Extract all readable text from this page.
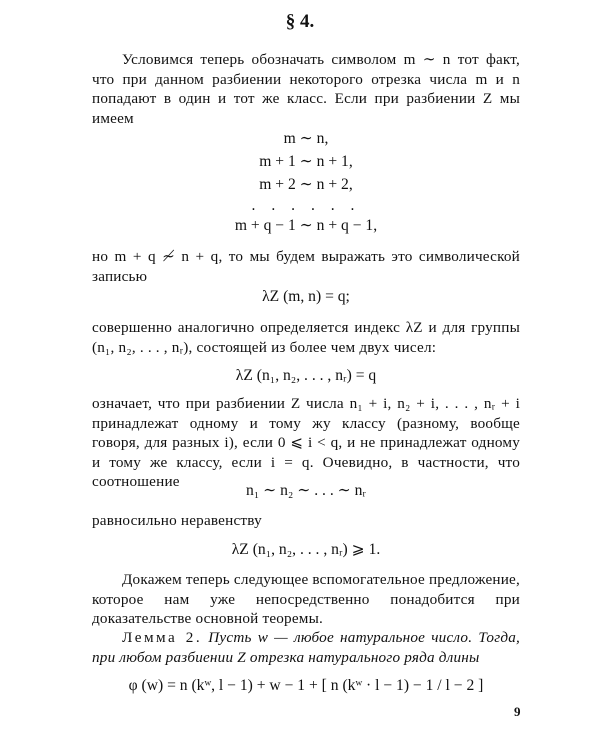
§ 4.

Условимся теперь обозначать символом m ∼ n тот факт, что при данном разбиении некоторого отрезка числа m и n попадают в один и тот же класс. Если при разбиении Z мы имеем

m ∼ n,
m + 1 ∼ n + 1,
m + 2 ∼ n + 2,
. . . . . .
m + q − 1 ∼ n + q − 1,

но m + q ≁ n + q, то мы будем выражать это символической записью

λZ (m, n) = q;

совершенно аналогично определяется индекс λZ и для группы (n₁, n₂, . . . , nᵣ), состоящей из более чем двух чисел:

λZ (n₁, n₂, . . . , nᵣ) = q

означает, что при разбиении Z числа n₁ + i, n₂ + i, . . . , nᵣ + i принадлежат одному и тому жу классу (разному, вообще говоря, для разных i), если 0 ⩽ i < q, и не принадлежат одному и тому же классу, если i = q. Очевидно, в частности, что соотношение

n₁ ∼ n₂ ∼ . . . ∼ nᵣ

равносильно неравенству

λZ (n₁, n₂, . . . , nᵣ) ⩾ 1.

Докажем теперь следующее вспомогательное предложение, которое нам уже непосредственно понадобится при доказательстве основной теоремы.

Лемма 2. Пусть w — любое натуральное число. Тогда, при любом разбиении Z отрезка натурального ряда длины

φ (w) = n (kʷ, l − 1) + w − 1 + [ n (kʷ · l − 1) − 1 / l − 2 ]
9
